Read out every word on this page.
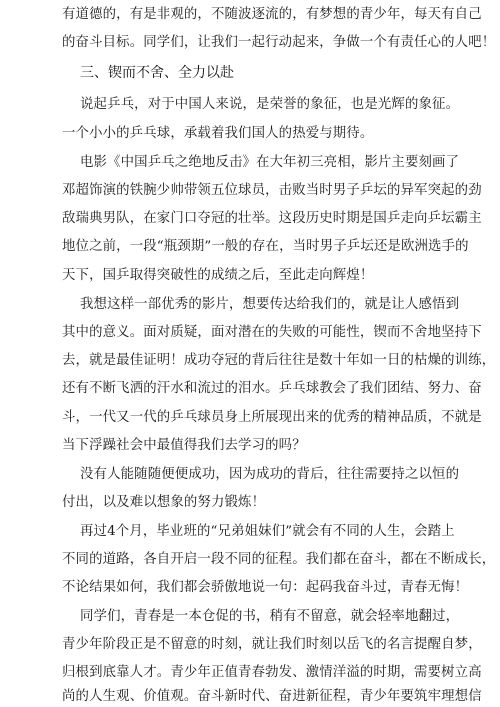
有道德的，有是非观的，不随波逐流的，有梦想的青少年，每天有自己
的奋斗目标。同学们，让我们一起行动起来，争做一个有责任心的人吧！
三、锲而不舍、全力以赴
说起乒乓，对于中国人来说，是荣誉的象征，也是光辉的象征。
一个小小的乒乓球，承载着我们国人的热爱与期待。
电影《中国乒乓之绝地反击》在大年初三亮相，影片主要刻画了
邓超饰演的铁腕少帅带领五位球员，击败当时男子乒坛的异军突起的劲
敌瑞典男队，在家门口夺冠的壮举。这段历史时期是国乒走向乒坛霸主
地位之前，一段“瓶颈期”一般的存在，当时男子乒坛还是欧洲选手的
天下，国乒取得突破性的成绩之后，至此走向辉煌！
我想这样一部优秀的影片，想要传达给我们的，就是让人感悟到
其中的意义。面对质疑，面对潜在的失败的可能性，锲而不舍地坚持下
去，就是最佳证明！成功夺冠的背后往往是数十年如一日的枯燥的训练，
还有不断飞洒的汗水和流过的泪水。乒乓球教会了我们团结、努力、奋
斗，一代又一代的乒乓球员身上所展现出来的优秀的精神品质，不就是
当下浮躁社会中最值得我们去学习的吗？
没有人能随随便便成功，因为成功的背后，往往需要持之以恒的
付出，以及难以想象的努力锻炼！
再过4个月，毕业班的“兄弟姐妹们”就会有不同的人生，会踏上
不同的道路，各自开启一段不同的征程。我们都在奋斗，都在不断成长，
不论结果如何，我们都会骄傲地说一句：起码我奋斗过，青春无悔！
同学们，青春是一本仓促的书，稍有不留意，就会轻率地翻过，
青少年阶段正是不留意的时刻，就让我们时刻以岳飞的名言提醒自梦，
归根到底靠人才。青少年正值青春勃发、激情洋溢的时期，需要树立高
尚的人生观、价值观。奋斗新时代、奋进新征程，青少年要筑牢理想信
